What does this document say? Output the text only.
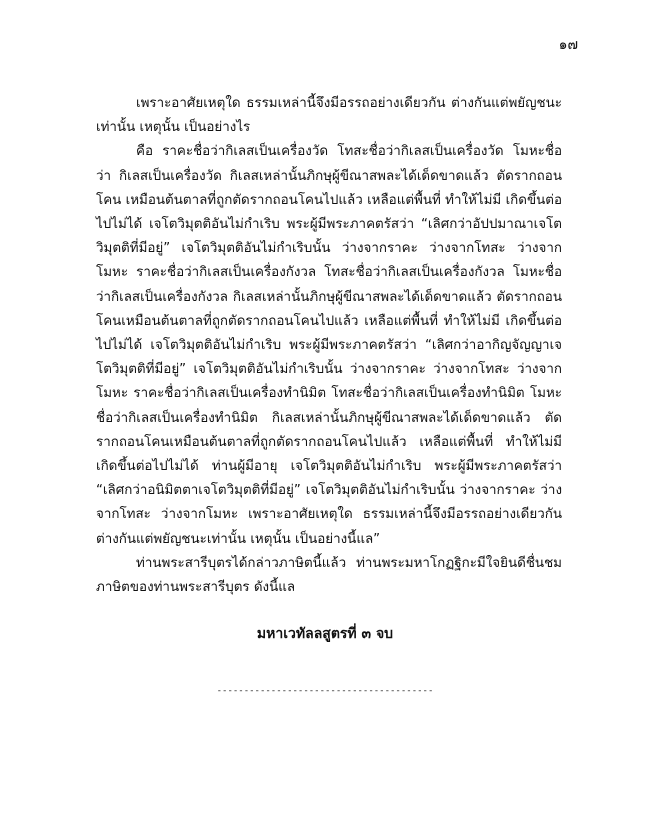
๑๗

เพราะอาศัยเหตุใด ธรรมเหล่านี้จึงมีอรรถอย่างเดียวกัน ต่างกันแต่พยัญชนะเท่านั้น เหตุนั้น เป็นอย่างไร

คือ ราคะชื่อว่ากิเลสเป็นเครื่องวัด โทสะชื่อว่ากิเลสเป็นเครื่องวัด โมหะชื่อว่า กิเลสเป็นเครื่องวัด กิเลสเหล่านั้นภิกษุผู้ขีณาสพละได้เด็ดขาดแล้ว ตัดรากถอนโคน เหมือนต้นตาลที่ถูกตัดรากถอนโคนไปแล้ว เหลือแต่พื้นที่ ทำให้ไม่มี เกิดขึ้นต่อไปไม่ได้ เจโตวิมุตติอันไม่กำเริบ พระผู้มีพระภาคตรัสว่า “เลิศกว่าอัปปมาณาเจโตวิมุตติที่มีอยู่” เจโตวิมุตติอันไม่กำเริบนั้น ว่างจากราคะ ว่างจากโทสะ ว่างจากโมหะ ราคะชื่อว่ากิเลสเป็นเครื่องกังวล โทสะชื่อว่ากิเลสเป็นเครื่องกังวล โมหะชื่อว่ากิเลสเป็นเครื่องกังวล กิเลสเหล่านั้นภิกษุผู้ขีณาสพละได้เด็ดขาดแล้ว ตัดรากถอนโคนเหมือนต้นตาลที่ถูกตัดรากถอนโคนไปแล้ว เหลือแต่พื้นที่ ทำให้ไม่มี เกิดขึ้นต่อไปไม่ได้ เจโตวิมุตติอันไม่กำเริบ พระผู้มีพระภาคตรัสว่า “เลิศกว่าอากิญจัญญาเจโตวิมุตติที่มีอยู่” เจโตวิมุตติอันไม่กำเริบนั้น ว่างจากราคะ ว่างจากโทสะ ว่างจากโมหะ ราคะชื่อว่ากิเลสเป็นเครื่องทำนิมิต โทสะชื่อว่ากิเลสเป็นเครื่องทำนิมิต โมหะชื่อว่ากิเลสเป็นเครื่องทำนิมิต กิเลสเหล่านั้นภิกษุผู้ขีณาสพละได้เด็ดขาดแล้ว ตัดรากถอนโคนเหมือนต้นตาลที่ถูกตัดรากถอนโคนไปแล้ว เหลือแต่พื้นที่ ทำให้ไม่มี เกิดขึ้นต่อไปไม่ได้ ท่านผู้มีอายุ เจโตวิมุตติอันไม่กำเริบ พระผู้มีพระภาคตรัสว่า “เลิศกว่าอนิมิตตาเจโตวิมุตติที่มีอยู่” เจโตวิมุตติอันไม่กำเริบนั้น ว่างจากราคะ ว่างจากโทสะ ว่างจากโมหะ เพราะอาศัยเหตุใด ธรรมเหล่านี้จึงมีอรรถอย่างเดียวกัน ต่างกันแต่พยัญชนะเท่านั้น เหตุนั้น เป็นอย่างนี้แล”

ท่านพระสารีบุตรได้กล่าวภาษิตนี้แล้ว ท่านพระมหาโกฏฐิกะมีใจยินดีชื่นชมภาษิตของท่านพระสารีบุตร ดังนี้แล

มหาเวทัลลสูตรที่ ๓ จบ
----------------------------------------
